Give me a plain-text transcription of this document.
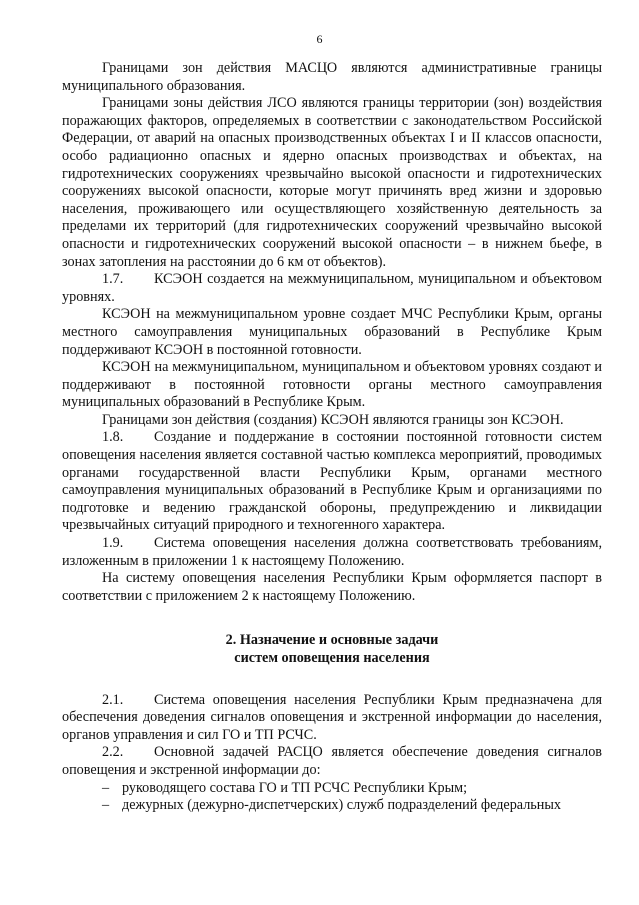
6

Границами зон действия МАСЦО являются административные границы муниципального образования.

Границами зоны действия ЛСО являются границы территории (зон) воздействия поражающих факторов, определяемых в соответствии с законодательством Российской Федерации, от аварий на опасных производственных объектах I и II классов опасности, особо радиационно опасных и ядерно опасных производствах и объектах, на гидротехнических сооружениях чрезвычайно высокой опасности и гидротехнических сооружениях высокой опасности, которые могут причинять вред жизни и здоровью населения, проживающего или осуществляющего хозяйственную деятельность за пределами их территорий (для гидротехнических сооружений чрезвычайно высокой опасности и гидротехнических сооружений высокой опасности – в нижнем бьефе, в зонах затопления на расстоянии до 6 км от объектов).

1.7. КСЭОН создается на межмуниципальном, муниципальном и объектовом уровнях.

КСЭОН на межмуниципальном уровне создает МЧС Республики Крым, органы местного самоуправления муниципальных образований в Республике Крым поддерживают КСЭОН в постоянной готовности.

КСЭОН на межмуниципальном, муниципальном и объектовом уровнях создают и поддерживают в постоянной готовности органы местного самоуправления муниципальных образований в Республике Крым.

Границами зон действия (создания) КСЭОН являются границы зон КСЭОН.

1.8. Создание и поддержание в состоянии постоянной готовности систем оповещения населения является составной частью комплекса мероприятий, проводимых органами государственной власти Республики Крым, органами местного самоуправления муниципальных образований в Республике Крым и организациями по подготовке и ведению гражданской обороны, предупреждению и ликвидации чрезвычайных ситуаций природного и техногенного характера.

1.9. Система оповещения населения должна соответствовать требованиям, изложенным в приложении 1 к настоящему Положению.

На систему оповещения населения Республики Крым оформляется паспорт в соответствии с приложением 2 к настоящему Положению.

2. Назначение и основные задачи
систем оповещения населения

2.1. Система оповещения населения Республики Крым предназначена для обеспечения доведения сигналов оповещения и экстренной информации до населения, органов управления и сил ГО и ТП РСЧС.

2.2. Основной задачей РАСЦО является обеспечение доведения сигналов оповещения и экстренной информации до:

– руководящего состава ГО и ТП РСЧС Республики Крым;
– дежурных (дежурно-диспетчерских) служб подразделений федеральных
